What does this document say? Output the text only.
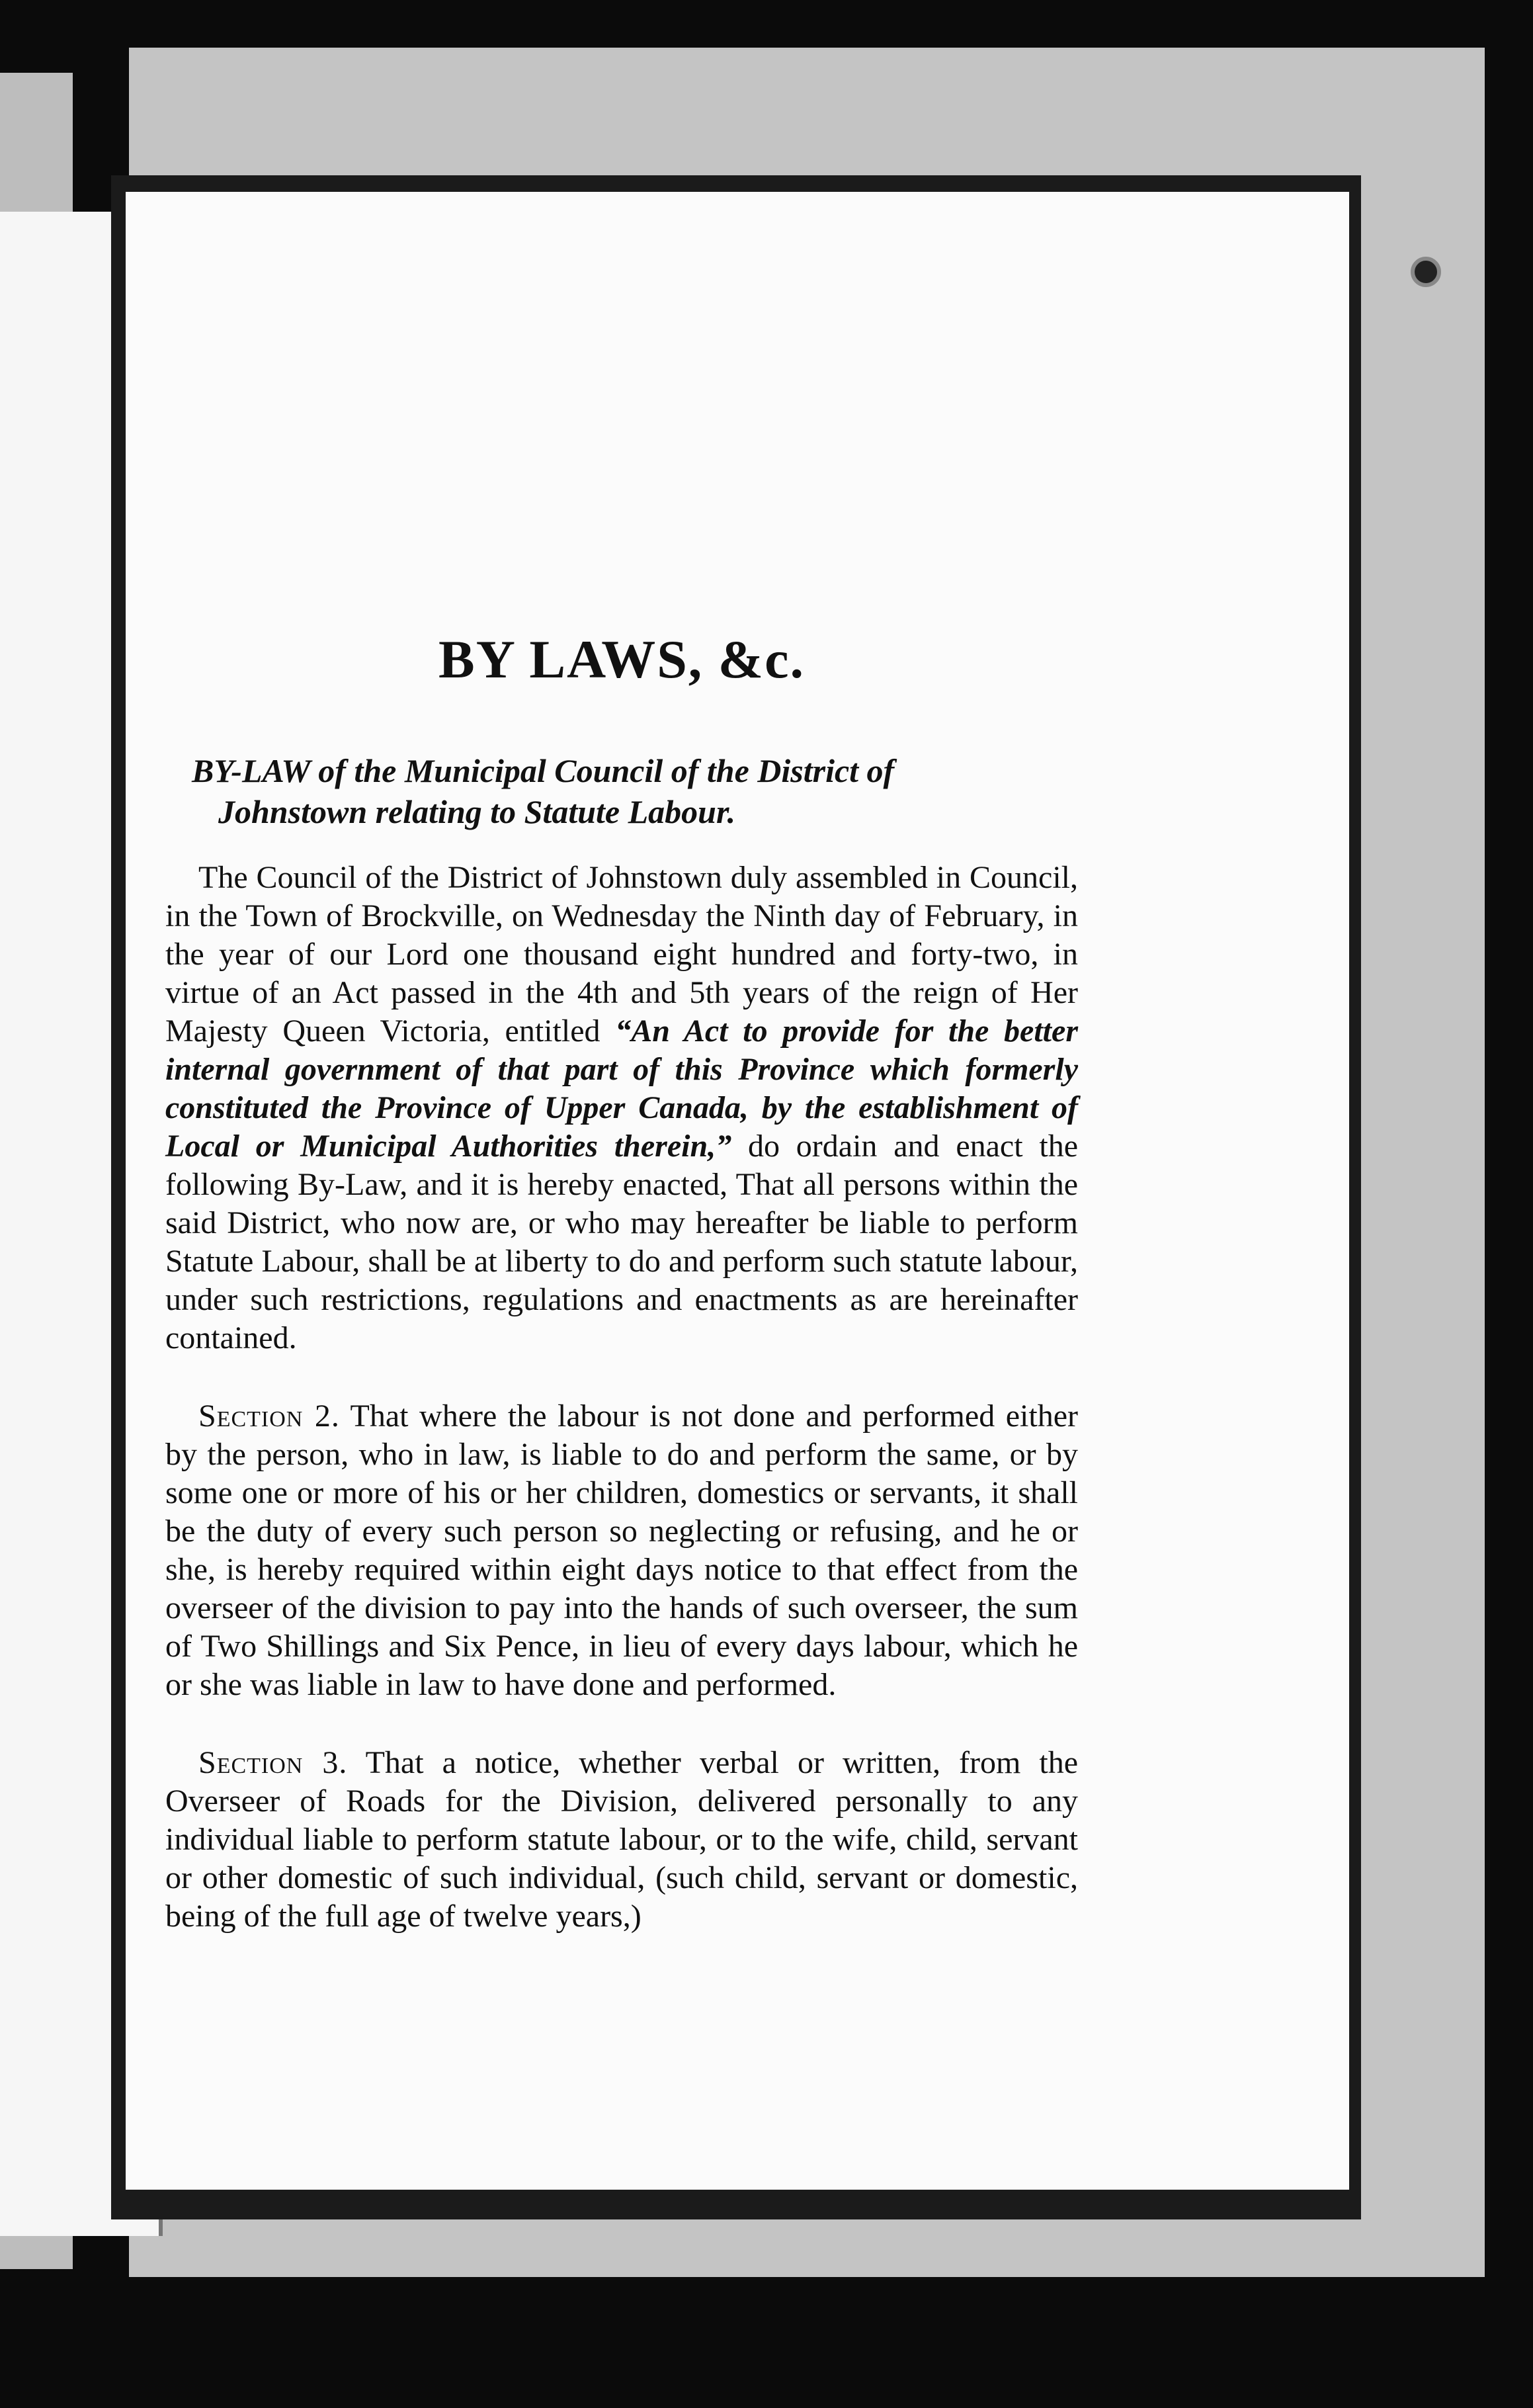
BY LAWS, &c.
BY-LAW of the Municipal Council of the District of
Johnstown relating to Statute Labour.

The Council of the District of Johnstown duly assembled in Council, in the Town of Brockville, on Wednesday the Ninth day of February, in the year of our Lord one thousand eight hundred and forty-two, in virtue of an Act passed in the 4th and 5th years of the reign of Her Majesty Queen Victoria, entitled “An Act to provide for the better internal government of that part of this Province which formerly constituted the Province of Upper Canada, by the establishment of Local or Municipal Authorities therein,” do ordain and enact the following By-Law, and it is hereby enacted, That all persons within the said District, who now are, or who may hereafter be liable to perform Statute Labour, shall be at liberty to do and perform such statute labour, under such restrictions, regulations and enactments as are hereinafter contained.

Section 2. That where the labour is not done and performed either by the person, who in law, is liable to do and perform the same, or by some one or more of his or her children, domestics or servants, it shall be the duty of every such person so neglecting or refusing, and he or she, is hereby required within eight days notice to that effect from the overseer of the division to pay into the hands of such overseer, the sum of Two Shillings and Six Pence, in lieu of every days labour, which he or she was liable in law to have done and performed.

Section 3. That a notice, whether verbal or written, from the Overseer of Roads for the Division, delivered personally to any individual liable to perform statute labour, or to the wife, child, servant or other domestic of such individual, (such child, servant or domestic, being of the full age of twelve years,)
